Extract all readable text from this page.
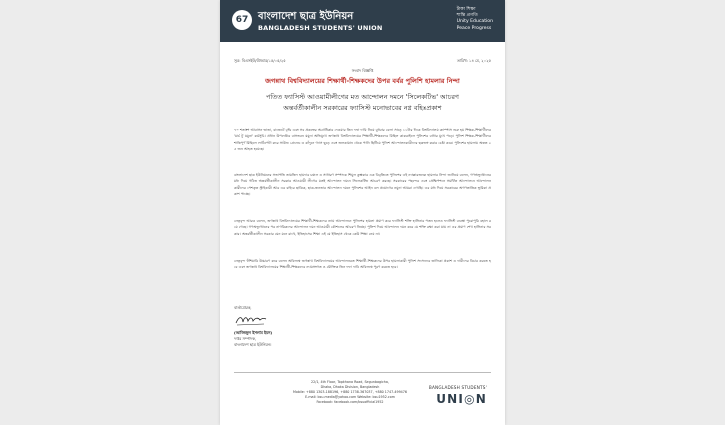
67 বাংলাদেশ ছাত্র ইউনিয়ন
BANGLADESH STUDENTS' UNION
টাকা শিক্ষা
শান্তি প্রগতি
Unity Education
Peace Progress
সূত্র: বিএসইউ/প্রিআর/১৫/০৫/২৫	তারিখ: ১৪ মে, ২০২৫
সংবাদ বিজ্ঞপ্তি
জগন্নাথ বিশ্ববিদ্যালয়ের শিক্ষার্থী-শিক্ষকদের উপর বর্বর পুলিশি হামলার নিন্দা
পতিত ফ্যাসিস্ট আওয়ামীলীগের মত আন্দোলন দমনে 'সিলেকটিভ' আচরণ
অন্তর্বর্তীকালীন সরকারের ফ্যাসিস্ট মনোভাবের নগ্ন বহিঃপ্রকাশ
৭০ শতাংশ আবাসন ভাতা, বাজেটে বৃদ্ধি এবং সব প্রকল্পের অগ্রাধিকার দেওয়ার তিন দফা দাবি নিয়ে বুধবার বেলা সাড়ে ১১টার দিকে বিশ্ববিদ্যালয় ক্যাম্পাস শুরু হয় শিক্ষক-শিক্ষার্থীদের 'মার্চ টু যমুনা' কর্মসূচি। প্রধান উপদেষ্টার বাসভবন যমুনা অভিমুখে জগন্নাথ বিশ্ববিদ্যালয়ের শিক্ষার্থী-শিক্ষকদের মিছিল কাকরাইলে পুলিশের বাধার মুখে পড়ে। পুলিশ শিক্ষক-শিক্ষার্থীদের শান্তিপূর্ণ মিছিলে লাঠিপেটা করে সাউন্ড গ্রেনেড ও কাঁদুনে গ্যাস ছুড়ে এবং জলকামান থেকে পানি ছিটিয়ে পুলিশ আন্দোলনকারীদের ছত্রভঙ্গ করার চেষ্টা করে। পুলিশের হামলায় অন্তত ২৫ জন আহত হয়েছে।
বাংলাদেশ ছাত্র ইউনিয়নের সভাপতি তামজিদ হায়দার চঞ্চল ও সাধারণ সম্পাদক শিমুল কুম্ভকার এক বিবৃতিতে পুলিশের এই ন্যাক্কারজনক হামলার নিন্দা জানিয়ে বলেন, গণঅভ্যুত্থানের মধ্য দিয়ে গঠিত অন্তর্বর্তীকালীন সরকার আওয়ামী লীগের মতই আন্দোলন দমনে সিলেকটিভ আচরণ করছে। সরকারের পছন্দের এবং প্রেক্ষিপশনে সমর্থিত আন্দোলনে আন্দোলনকারীদের পেশকৃত স্ট্রাইকারী আর এর বাইরে ছাত্রিক, ছাত্র-জনতার আন্দোলন দমনে পুলিশের আইন বল প্রয়োগের নমুনা আমরা দেখছি। এর মধ্য দিয়ে সরকারের অগণতান্ত্রিক ভূমিকা প্রকাশ পাচ্ছে।
নেতৃবৃন্দ আরও বলেন, জগন্নাথ বিশ্ববিদ্যালয়ের শিক্ষার্থী-শিক্ষকদের ন্যায় আন্দোলনে পুলিশের হামলা প্রমাণ করে ফ্যাসিস্ট শক্তি হাসিনার পতন হলেও ফ্যাসিস্ট ব্যবস্থা পুরোপুরি বহাল রয়ে গেছে। গণঅভ্যুত্থানের পর নাগরিকদের আন্দোলন দমন আওয়ামী কৌশলের আচরণ নিচ্ছে। পুলিশ দিয়ে আন্দোলন দমন করে যে শক্তি রক্ষা করা যায় না এর প্রমাণ শেখ হাসিনার সরকার। অন্তর্বর্তীকালীন সরকার যেন মনে রাখে, ইতিহাসের শিক্ষা এই যে ইতিহাস থেকে কেউ শিক্ষা নেয় না।
নেতৃবৃন্দ হুঁশিয়ারি উচ্চারণ করে বলেন অবিলম্বে জগন্নাথ বিশ্ববিদ্যালয়ের আন্দোলনরত শিক্ষার্থী-শিক্ষকদের উপর হামলাকারী পুলিশ সদস্যদের তালিকা প্রকাশ ও দায়ীদের বিচার করতে হবে এবং জগন্নাথ বিশ্ববিদ্যালয়ের শিক্ষার্থী-শিক্ষকদের ন্যায়সংগত ও যৌক্তিক তিন দফা দাবি অবিলম্বে পূরণ করতে হবে।
বার্তাপ্রেরক,
(আজিজুল ইসলাম ইমন)
দপ্তর সম্পাদক,
বাংলাদেশ ছাত্র ইউনিয়ন।
22/1, 4th Floor, Topkhana Road, Segunbagicha,
Dhaka, Dhaka Division, Bangladesh
Mobile: +880 1303-188196, +880 1738-367037, +880 1747-499476
E-mail: bsu.media@yahoo.com Website: bsu1952.com
Facebook: facebook.com/bsuofficial1952
BANGLADESH STUDENTS'
UNI◎N
